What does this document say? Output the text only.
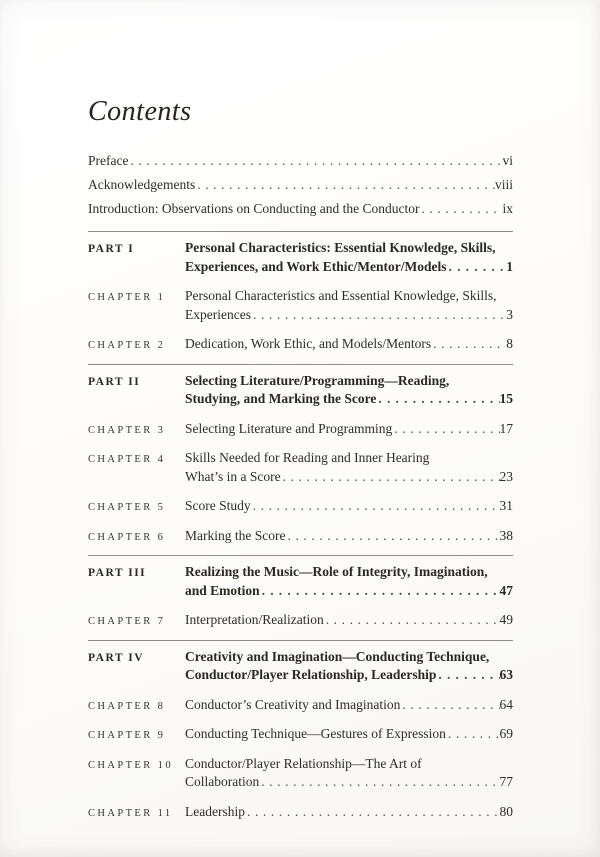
Contents
Preface .....	vi
Acknowledgements .....	viii
Introduction: Observations on Conducting and the Conductor .....	ix
PART I	Personal Characteristics: Essential Knowledge, Skills,
Experiences, and Work Ethic/Mentor/Models .....	1
CHAPTER 1	Personal Characteristics and Essential Knowledge, Skills,
Experiences .....	3
CHAPTER 2	Dedication, Work Ethic, and Models/Mentors .....	8
PART II	Selecting Literature/Programming—Reading,
Studying, and Marking the Score .....	15
CHAPTER 3	Selecting Literature and Programming .....	17
CHAPTER 4	Skills Needed for Reading and Inner Hearing
What’s in a Score .....	23
CHAPTER 5	Score Study .....	31
CHAPTER 6	Marking the Score .....	38
PART III	Realizing the Music—Role of Integrity, Imagination,
and Emotion .....	47
CHAPTER 7	Interpretation/Realization .....	49
PART IV	Creativity and Imagination—Conducting Technique,
Conductor/Player Relationship, Leadership .....	63
CHAPTER 8	Conductor’s Creativity and Imagination .....	64
CHAPTER 9	Conducting Technique—Gestures of Expression .....	69
CHAPTER 10 Conductor/Player Relationship—The Art of
Collaboration .....	77
CHAPTER 11 Leadership .....	80
